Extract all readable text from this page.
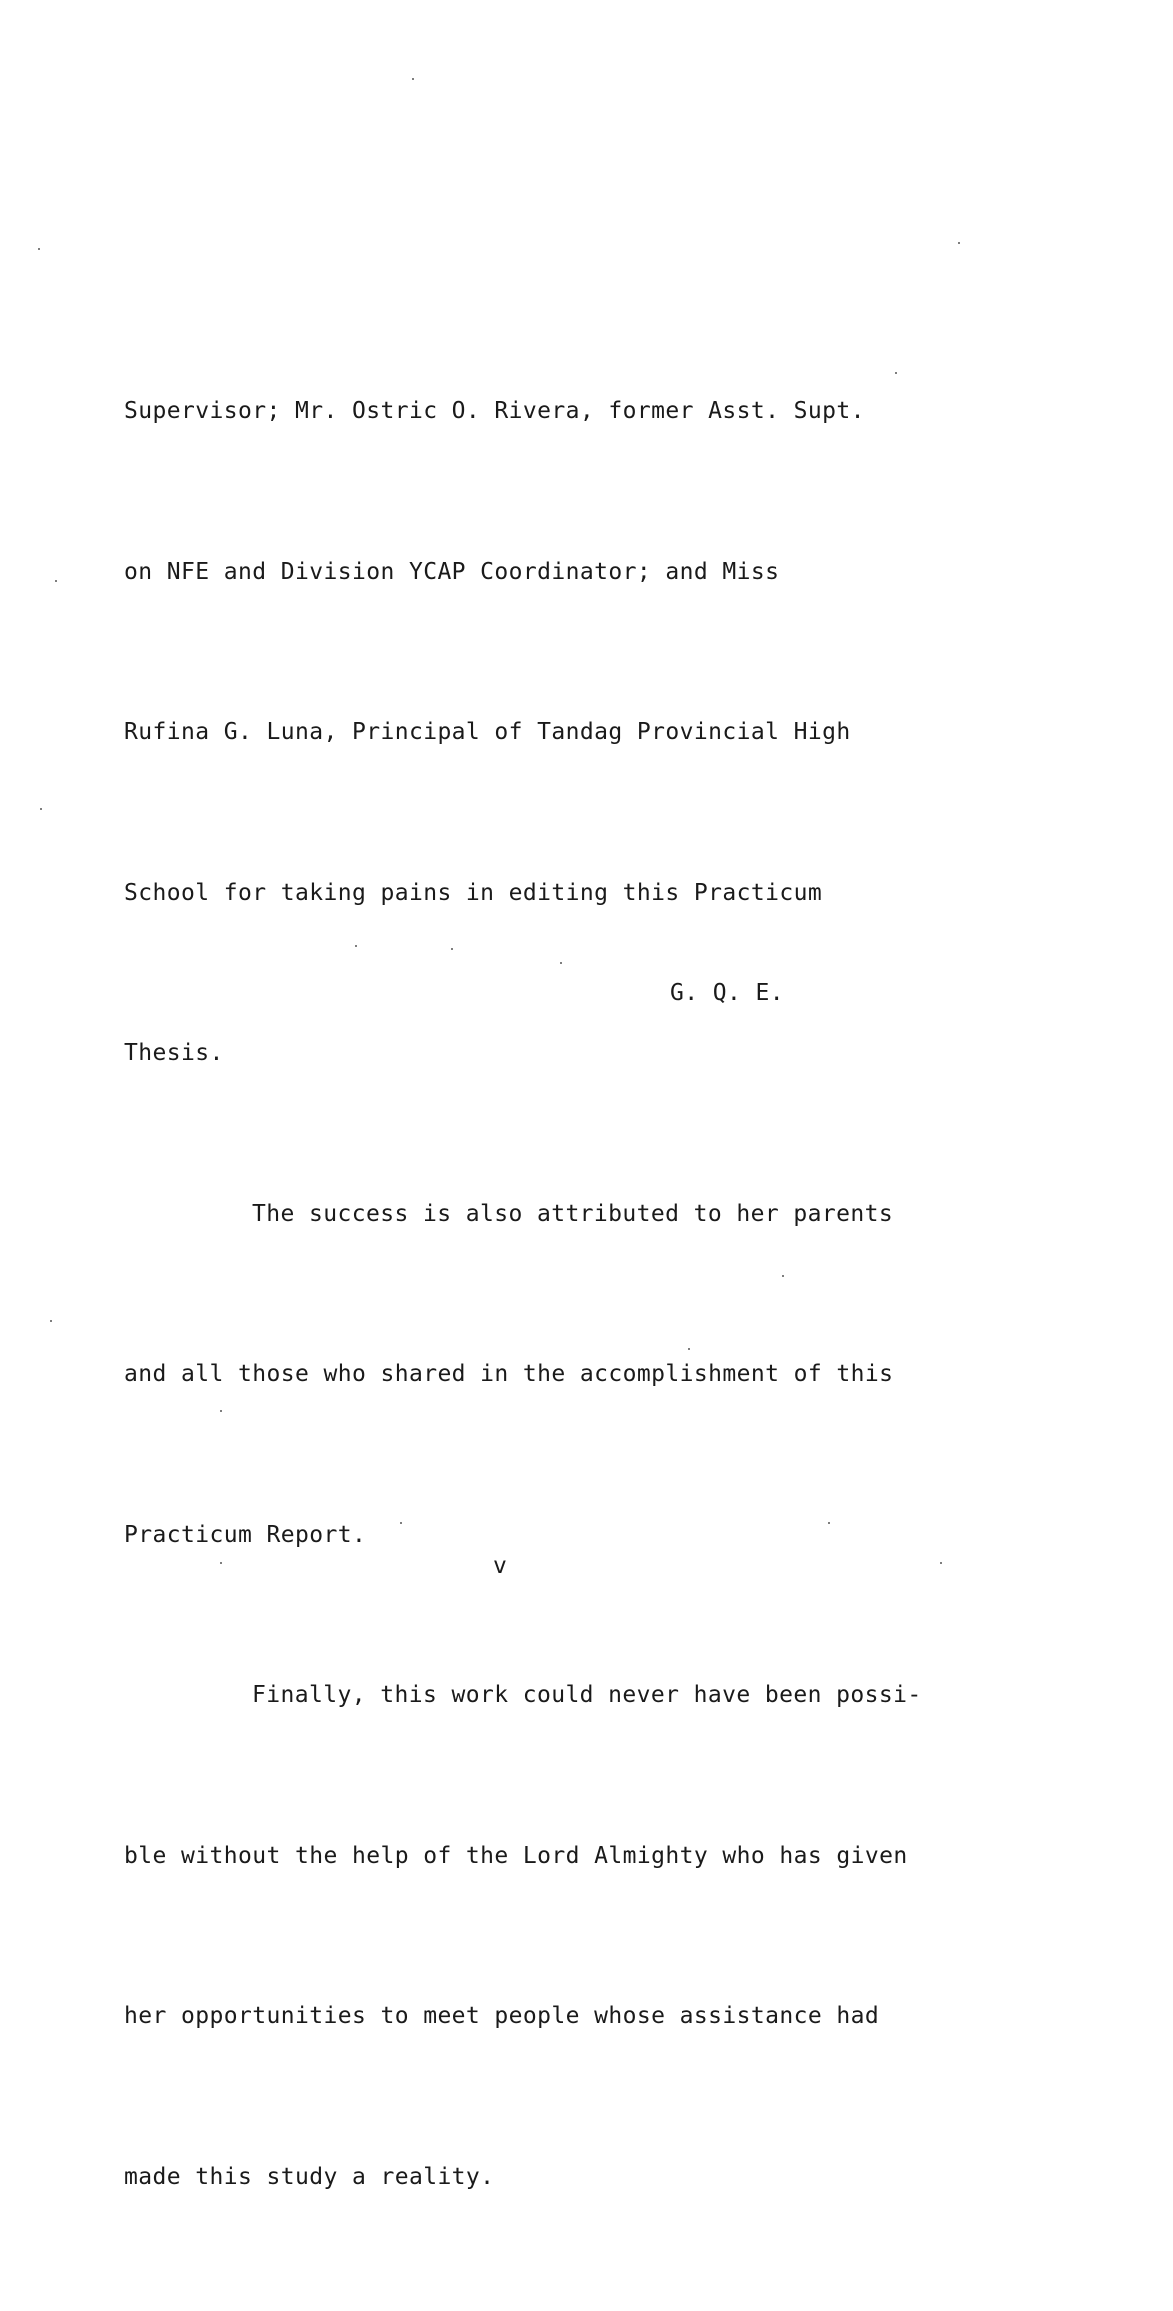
Supervisor; Mr. Ostric O. Rivera, former Asst. Supt.

on NFE and Division YCAP Coordinator; and Miss

Rufina G. Luna, Principal of Tandag Provincial High

School for taking pains in editing this Practicum

Thesis.

The success is also attributed to her parents

and all those who shared in the accomplishment of this

Practicum Report.

Finally, this work could never have been possi-

ble without the help of the Lord Almighty who has given

her opportunities to meet people whose assistance had

made this study a reality.

G. Q. E.
v
